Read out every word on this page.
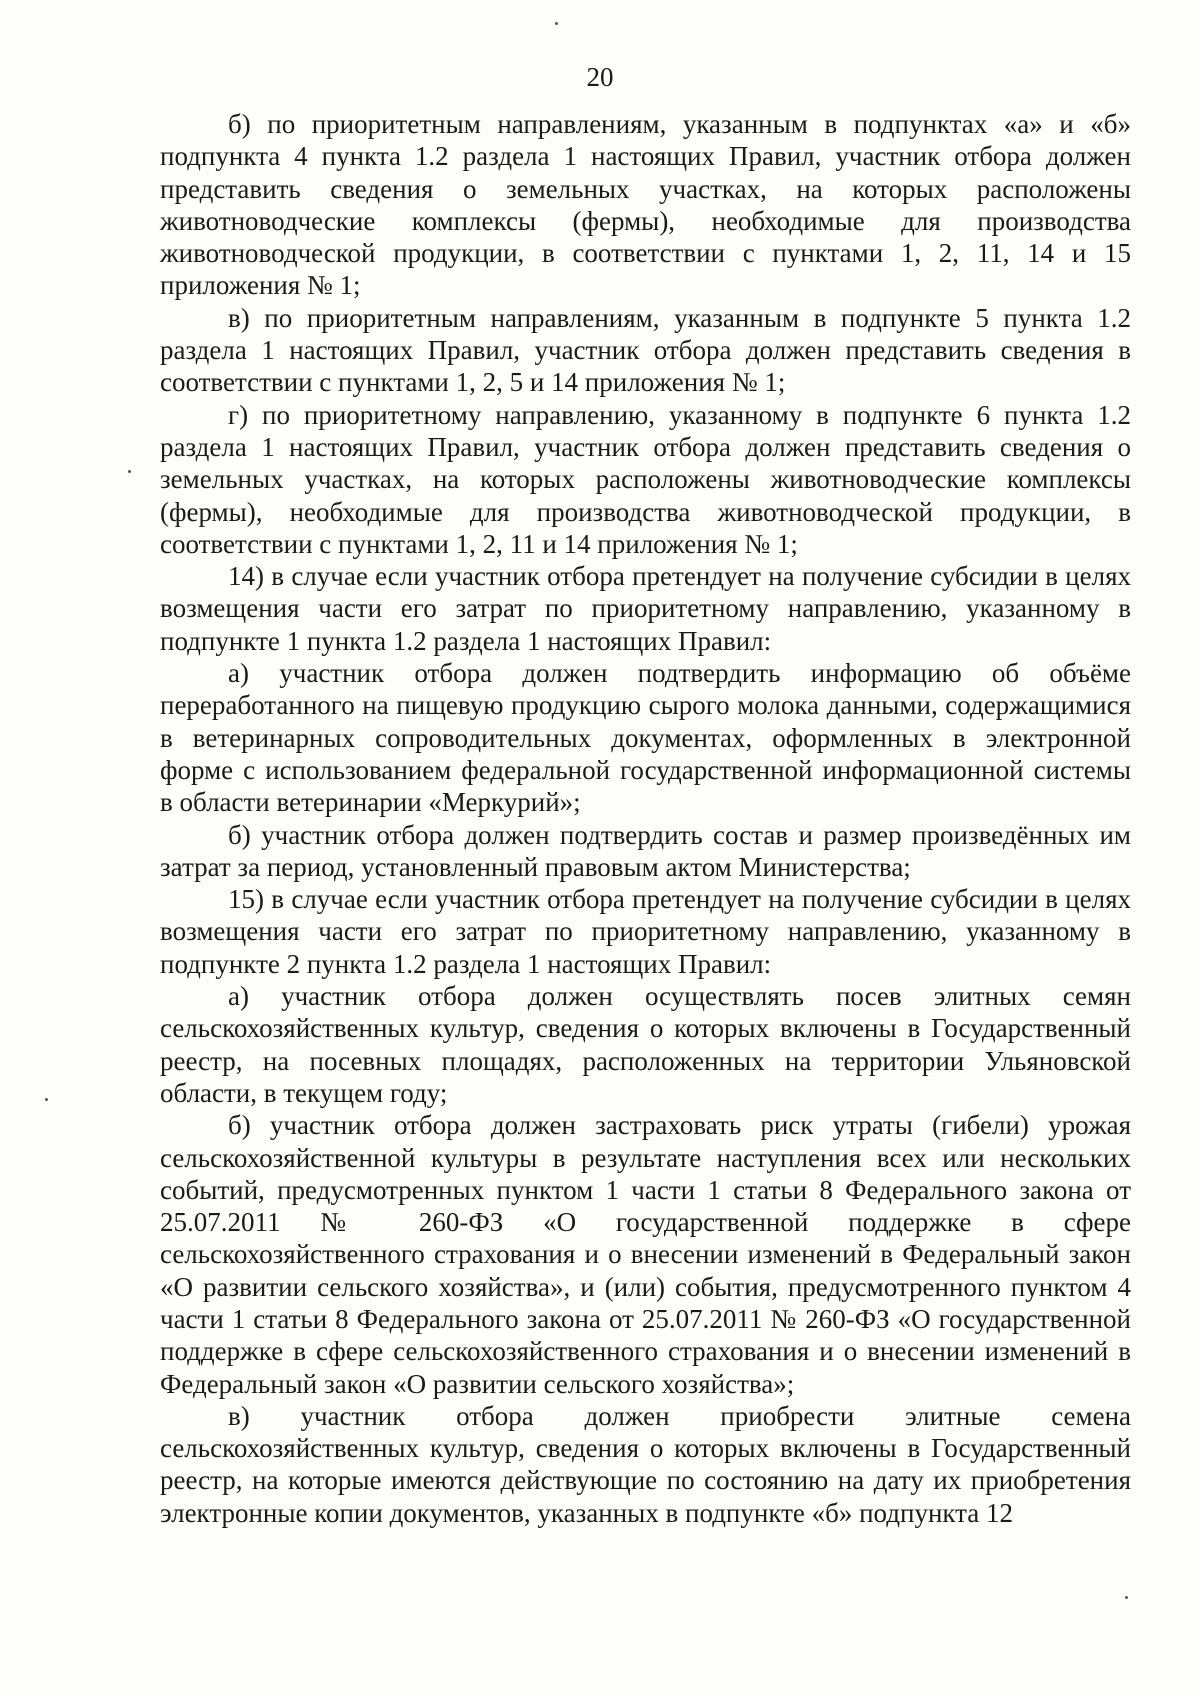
20

б) по приоритетным направлениям, указанным в подпунктах «а» и «б» подпункта 4 пункта 1.2 раздела 1 настоящих Правил, участник отбора должен представить сведения о земельных участках, на которых расположены животноводческие комплексы (фермы), необходимые для производства животноводческой продукции, в соответствии с пунктами 1, 2, 11, 14 и 15 приложения № 1;

в) по приоритетным направлениям, указанным в подпункте 5 пункта 1.2 раздела 1 настоящих Правил, участник отбора должен представить сведения в соответствии с пунктами 1, 2, 5 и 14 приложения № 1;

г) по приоритетному направлению, указанному в подпункте 6 пункта 1.2 раздела 1 настоящих Правил, участник отбора должен представить сведения о земельных участках, на которых расположены животноводческие комплексы (фермы), необходимые для производства животноводческой продукции, в соответствии с пунктами 1, 2, 11 и 14 приложения № 1;

14) в случае если участник отбора претендует на получение субсидии в целях возмещения части его затрат по приоритетному направлению, указанному в подпункте 1 пункта 1.2 раздела 1 настоящих Правил:

а) участник отбора должен подтвердить информацию об объёме переработанного на пищевую продукцию сырого молока данными, содержащимися в ветеринарных сопроводительных документах, оформленных в электронной форме с использованием федеральной государственной информационной системы в области ветеринарии «Меркурий»;

б) участник отбора должен подтвердить состав и размер произведённых им затрат за период, установленный правовым актом Министерства;

15) в случае если участник отбора претендует на получение субсидии в целях возмещения части его затрат по приоритетному направлению, указанному в подпункте 2 пункта 1.2 раздела 1 настоящих Правил:

а) участник отбора должен осуществлять посев элитных семян сельскохозяйственных культур, сведения о которых включены в Государственный реестр, на посевных площадях, расположенных на территории Ульяновской области, в текущем году;

б) участник отбора должен застраховать риск утраты (гибели) урожая сельскохозяйственной культуры в результате наступления всех или нескольких событий, предусмотренных пунктом 1 части 1 статьи 8 Федерального закона от 25.07.2011 № 260-ФЗ «О государственной поддержке в сфере сельскохозяйственного страхования и о внесении изменений в Федеральный закон «О развитии сельского хозяйства», и (или) события, предусмотренного пунктом 4 части 1 статьи 8 Федерального закона от 25.07.2011 № 260-ФЗ «О государственной поддержке в сфере сельскохозяйственного страхования и о внесении изменений в Федеральный закон «О развитии сельского хозяйства»;

в) участник отбора должен приобрести элитные семена сельскохозяйственных культур, сведения о которых включены в Государственный реестр, на которые имеются действующие по состоянию на дату их приобретения электронные копии документов, указанных в подпункте «б» подпункта 12
